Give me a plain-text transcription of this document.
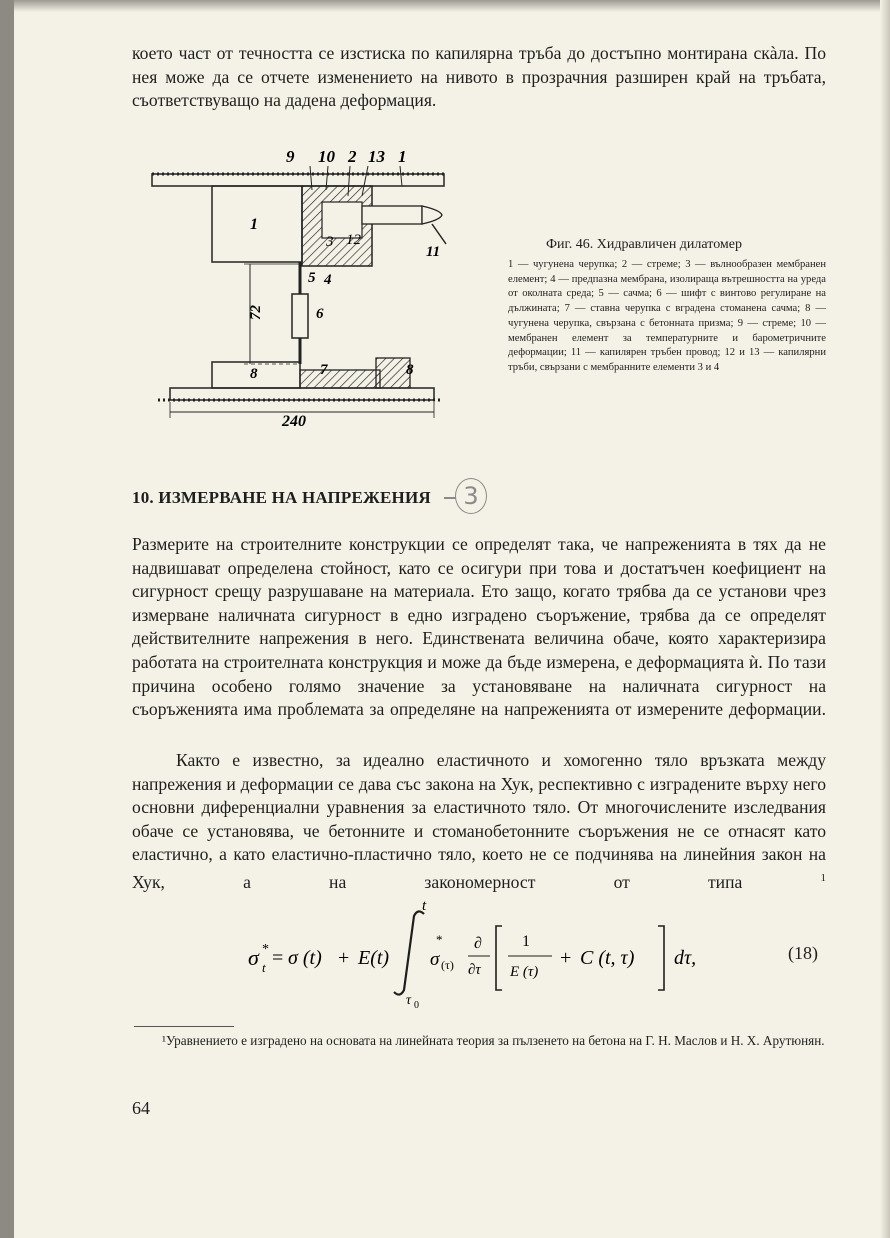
което част от течността се изстиска по капилярна тръба до достъпно монтирана скàла. По нея може да се отчете изменението на нивото в прозрачния разширен край на тръбата, съответствуващо на дадена деформация.

9 10 2 13 1
1
3 12
11
5 4
6
8	7	8
72
240
Фиг. 46. Хидравличен дилатомер
1 — чугунена черупка; 2 — стреме; 3 — вълнообразен мембранен елемент; 4 — предпазна мембрана, изолираща вътрешността на уреда от околната среда; 5 — сачма; 6 — шифт с винтово регулиране на дължината; 7 — ставна черупка с вградена стоманена сачма; 8 — чугунена черупка, свързана с бетонната призма; 9 — стреме; 10 — мембранен елемент за температурните и барометричните деформации; 11 — капилярен тръбен провод; 12 и 13 — капилярни тръби, свързани с мембранните елементи 3 и 4
10. ИЗМЕРВАНЕ НА НАПРЕЖЕНИЯ	3

Размерите на строителните конструкции се определят така, че напреженията в тях да не надвишават определена стойност, като се осигури при това и достатъчен коефициент на сигурност срещу разрушаване на материала. Ето защо, когато трябва да се установи чрез измерване наличната сигурност в едно изградено съоръжение, трябва да се определят действителните напрежения в него. Единствената величина обаче, която характеризира работата на строителната конструкция и може да бъде измерена, е деформацията ѝ. По тази причина особено голямо значение за установяване на наличната сигурност на съоръженията има проблемата за определяне на напреженията от измерените деформации.

Както е известно, за идеално еластичното и хомогенно тяло връзката между напрежения и деформации се дава със закона на Хук, респективно с изградените върху него основни диференциални уравнения за еластичното тяло. От многочислените изследвания обаче се установява, че бетонните и стоманобетонните съоръжения не се отнасят като еластично, а като еластично-пластично тяло, което не се подчинява на линейния закон на Хук, а на закономерност от типа	$^1$

σ *
t = σ (t) + E(t)
t
τ 0
σ
*
(τ)
∂
∂τ
1
E (τ)
+ C (t, τ) dτ,	(18)

¹Уравнението е изградено на основата на линейната теория за пълзенето на бетона на Г. Н. Маслов и Н. Х. Арутюнян.

64
